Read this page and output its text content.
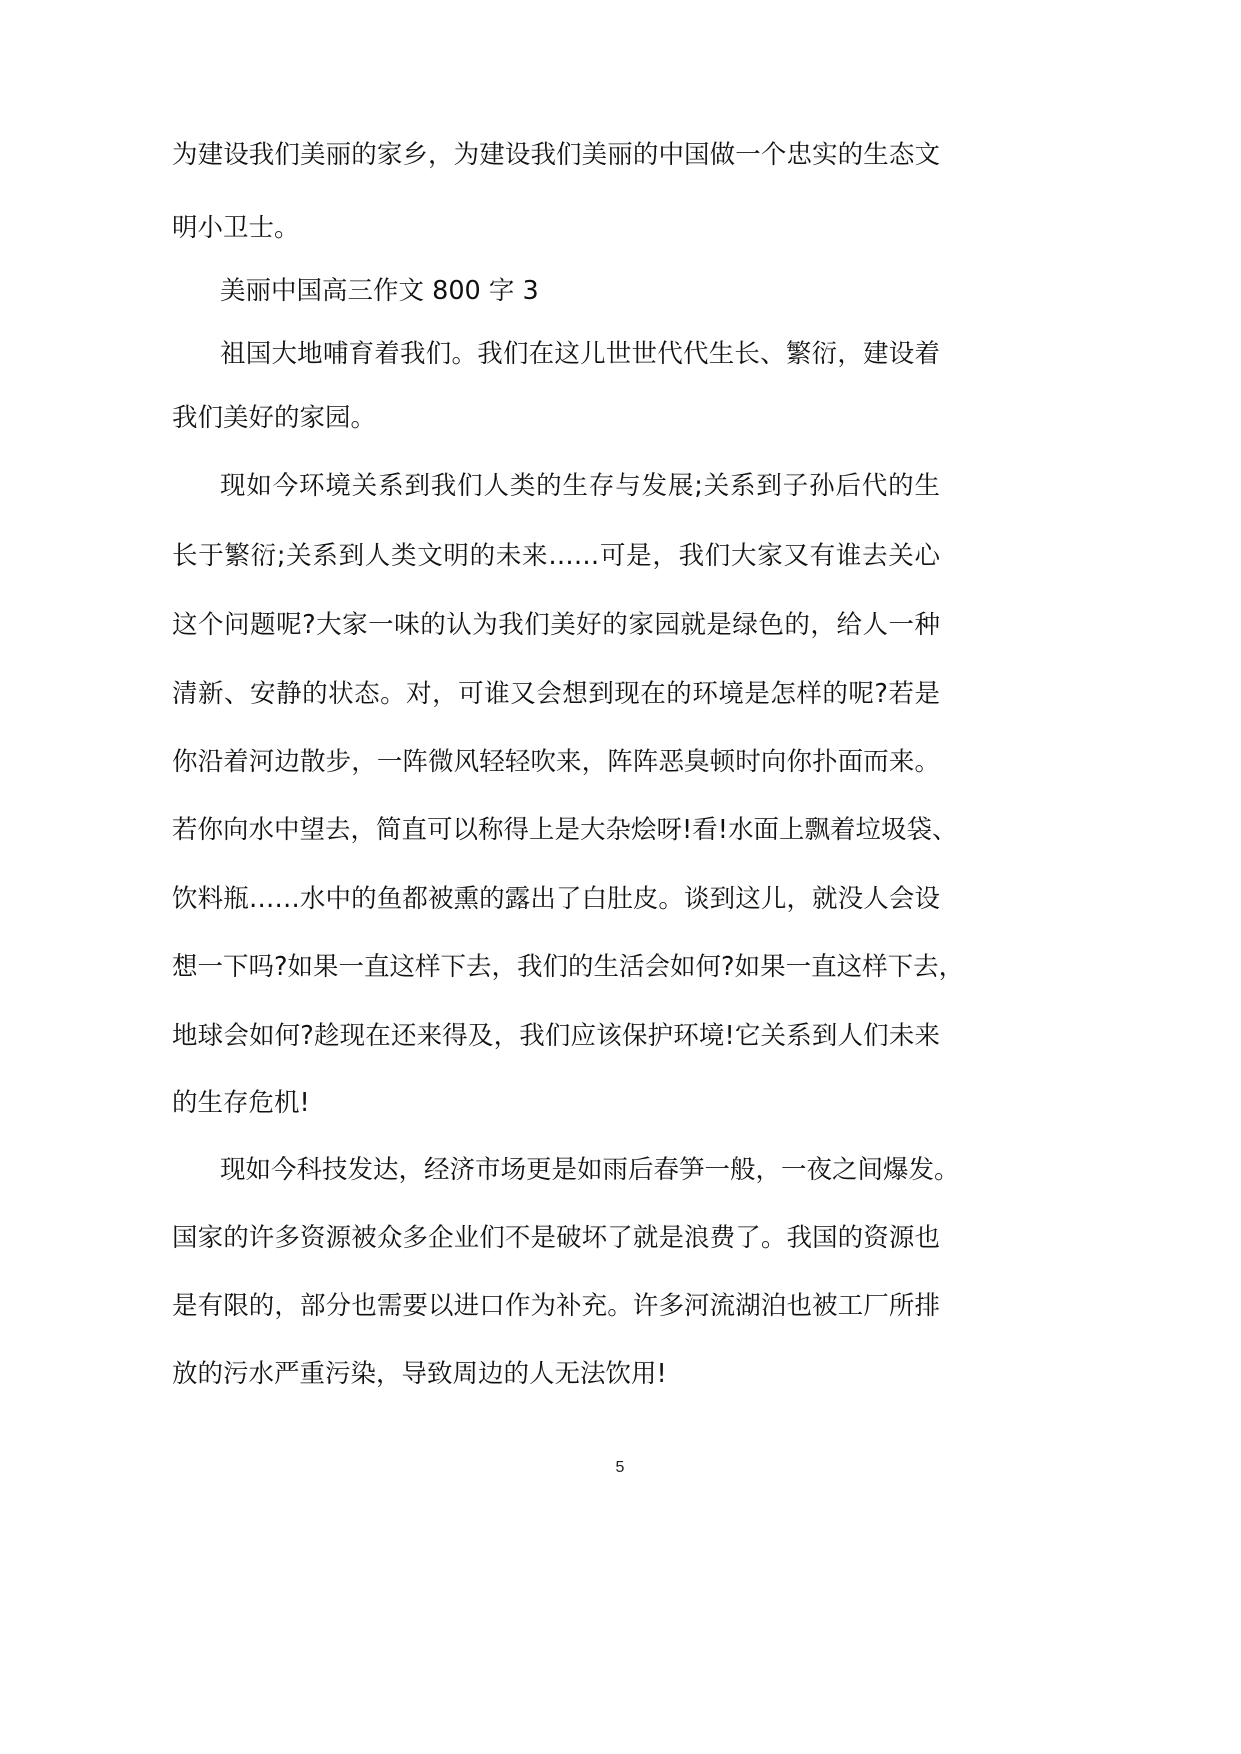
为建设我们美丽的家乡，为建设我们美丽的中国做一个忠实的生态文
明小卫士。
美丽中国高三作文 800 字 3
祖国大地哺育着我们。我们在这儿世世代代生长、繁衍，建设着
我们美好的家园。
现如今环境关系到我们人类的生存与发展;关系到子孙后代的生
长于繁衍;关系到人类文明的未来……可是，我们大家又有谁去关心
这个问题呢?大家一味的认为我们美好的家园就是绿色的，给人一种
清新、安静的状态。对，可谁又会想到现在的环境是怎样的呢?若是
你沿着河边散步，一阵微风轻轻吹来，阵阵恶臭顿时向你扑面而来。
若你向水中望去，简直可以称得上是大杂烩呀!看!水面上飘着垃圾袋、
饮料瓶……水中的鱼都被熏的露出了白肚皮。谈到这儿，就没人会设
想一下吗?如果一直这样下去，我们的生活会如何?如果一直这样下去，
地球会如何?趁现在还来得及，我们应该保护环境!它关系到人们未来
的生存危机!
现如今科技发达，经济市场更是如雨后春笋一般，一夜之间爆发。
国家的许多资源被众多企业们不是破坏了就是浪费了。我国的资源也
是有限的，部分也需要以进口作为补充。许多河流湖泊也被工厂所排
放的污水严重污染，导致周边的人无法饮用!
5
